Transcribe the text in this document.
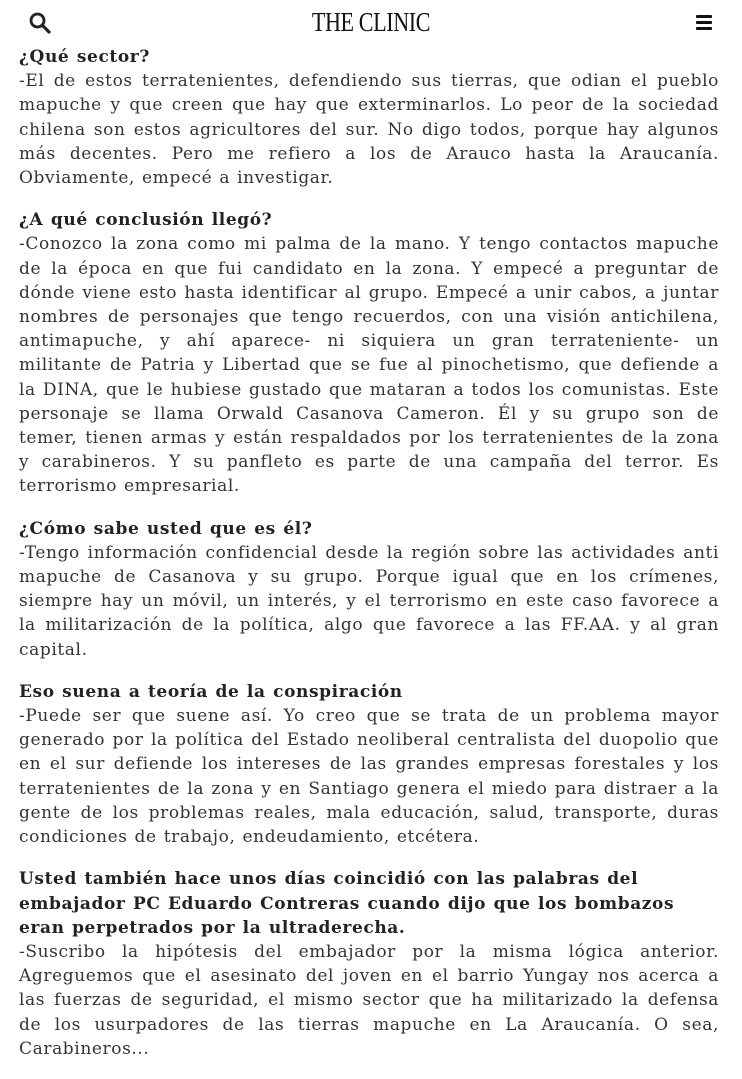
THE CLINIC

¿Qué sector?

-El de estos terratenientes, defendiendo sus tierras, que odian el pueblo mapuche y que creen que hay que exterminarlos. Lo peor de la sociedad chilena son estos agricultores del sur. No digo todos, porque hay algunos más decentes. Pero me refiero a los de Arauco hasta la Araucanía. Obviamente, empecé a investigar.

¿A qué conclusión llegó?

-Conozco la zona como mi palma de la mano. Y tengo contactos mapuche de la época en que fui candidato en la zona. Y empecé a preguntar de dónde viene esto hasta identificar al grupo. Empecé a unir cabos, a juntar nombres de personajes que tengo recuerdos, con una visión antichilena, antimapuche, y ahí aparece- ni siquiera un gran terrateniente- un militante de Patria y Libertad que se fue al pinochetismo, que defiende a la DINA, que le hubiese gustado que mataran a todos los comunistas. Este personaje se llama Orwald Casanova Cameron. Él y su grupo son de temer, tienen armas y están respaldados por los terratenientes de la zona y carabineros. Y su panfleto es parte de una campaña del terror. Es terrorismo empresarial.

¿Cómo sabe usted que es él?

-Tengo información confidencial desde la región sobre las actividades anti mapuche de Casanova y su grupo. Porque igual que en los crímenes, siempre hay un móvil, un interés, y el terrorismo en este caso favorece a la militarización de la política, algo que favorece a las FF.AA. y al gran capital.

Eso suena a teoría de la conspiración

-Puede ser que suene así. Yo creo que se trata de un problema mayor generado por la política del Estado neoliberal centralista del duopolio que en el sur defiende los intereses de las grandes empresas forestales y los terratenientes de la zona y en Santiago genera el miedo para distraer a la gente de los problemas reales, mala educación, salud, transporte, duras condiciones de trabajo, endeudamiento, etcétera.

Usted también hace unos días coincidió con las palabras del embajador PC Eduardo Contreras cuando dijo que los bombazos eran perpetrados por la ultraderecha.

-Suscribo la hipótesis del embajador por la misma lógica anterior. Agreguemos que el asesinato del joven en el barrio Yungay nos acerca a las fuerzas de seguridad, el mismo sector que ha militarizado la defensa de los usurpadores de las tierras mapuche en La Araucanía. O sea, Carabineros...
